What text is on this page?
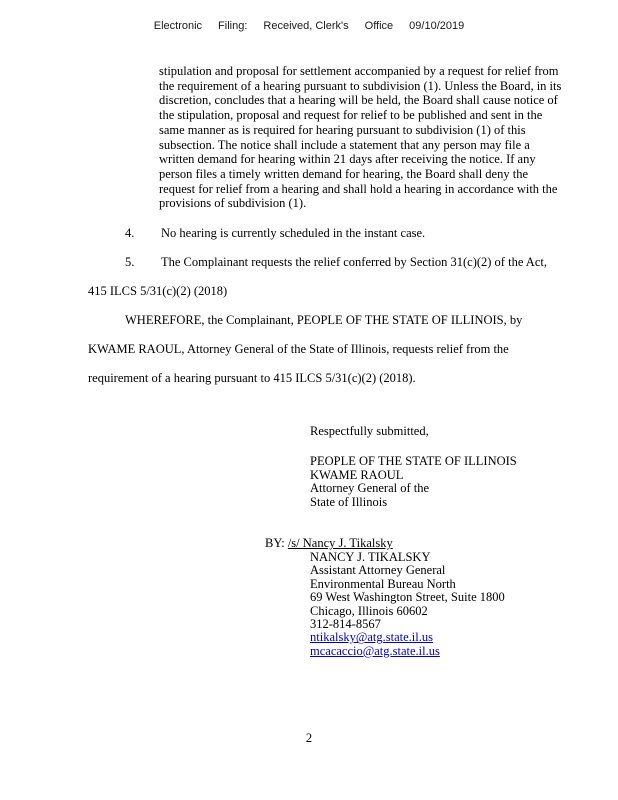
Electronic Filing: Received, Clerk's Office 09/10/2019

stipulation and proposal for settlement accompanied by a request for relief from the requirement of a hearing pursuant to subdivision (1). Unless the Board, in its discretion, concludes that a hearing will be held, the Board shall cause notice of the stipulation, proposal and request for relief to be published and sent in the same manner as is required for hearing pursuant to subdivision (1) of this subsection. The notice shall include a statement that any person may file a written demand for hearing within 21 days after receiving the notice. If any person files a timely written demand for hearing, the Board shall deny the request for relief from a hearing and shall hold a hearing in accordance with the provisions of subdivision (1).

4. No hearing is currently scheduled in the instant case.

5. The Complainant requests the relief conferred by Section 31(c)(2) of the Act, 415 ILCS 5/31(c)(2) (2018)

WHEREFORE, the Complainant, PEOPLE OF THE STATE OF ILLINOIS, by KWAME RAOUL, Attorney General of the State of Illinois, requests relief from the requirement of a hearing pursuant to 415 ILCS 5/31(c)(2) (2018).

Respectfully submitted,
PEOPLE OF THE STATE OF ILLINOIS
KWAME RAOUL
Attorney General of the
State of Illinois
BY: /s/ Nancy J. Tikalsky
NANCY J. TIKALSKY
Assistant Attorney General
Environmental Bureau North
69 West Washington Street, Suite 1800
Chicago, Illinois 60602
312-814-8567
ntikalsky@atg.state.il.us
mcacaccio@atg.state.il.us
2
